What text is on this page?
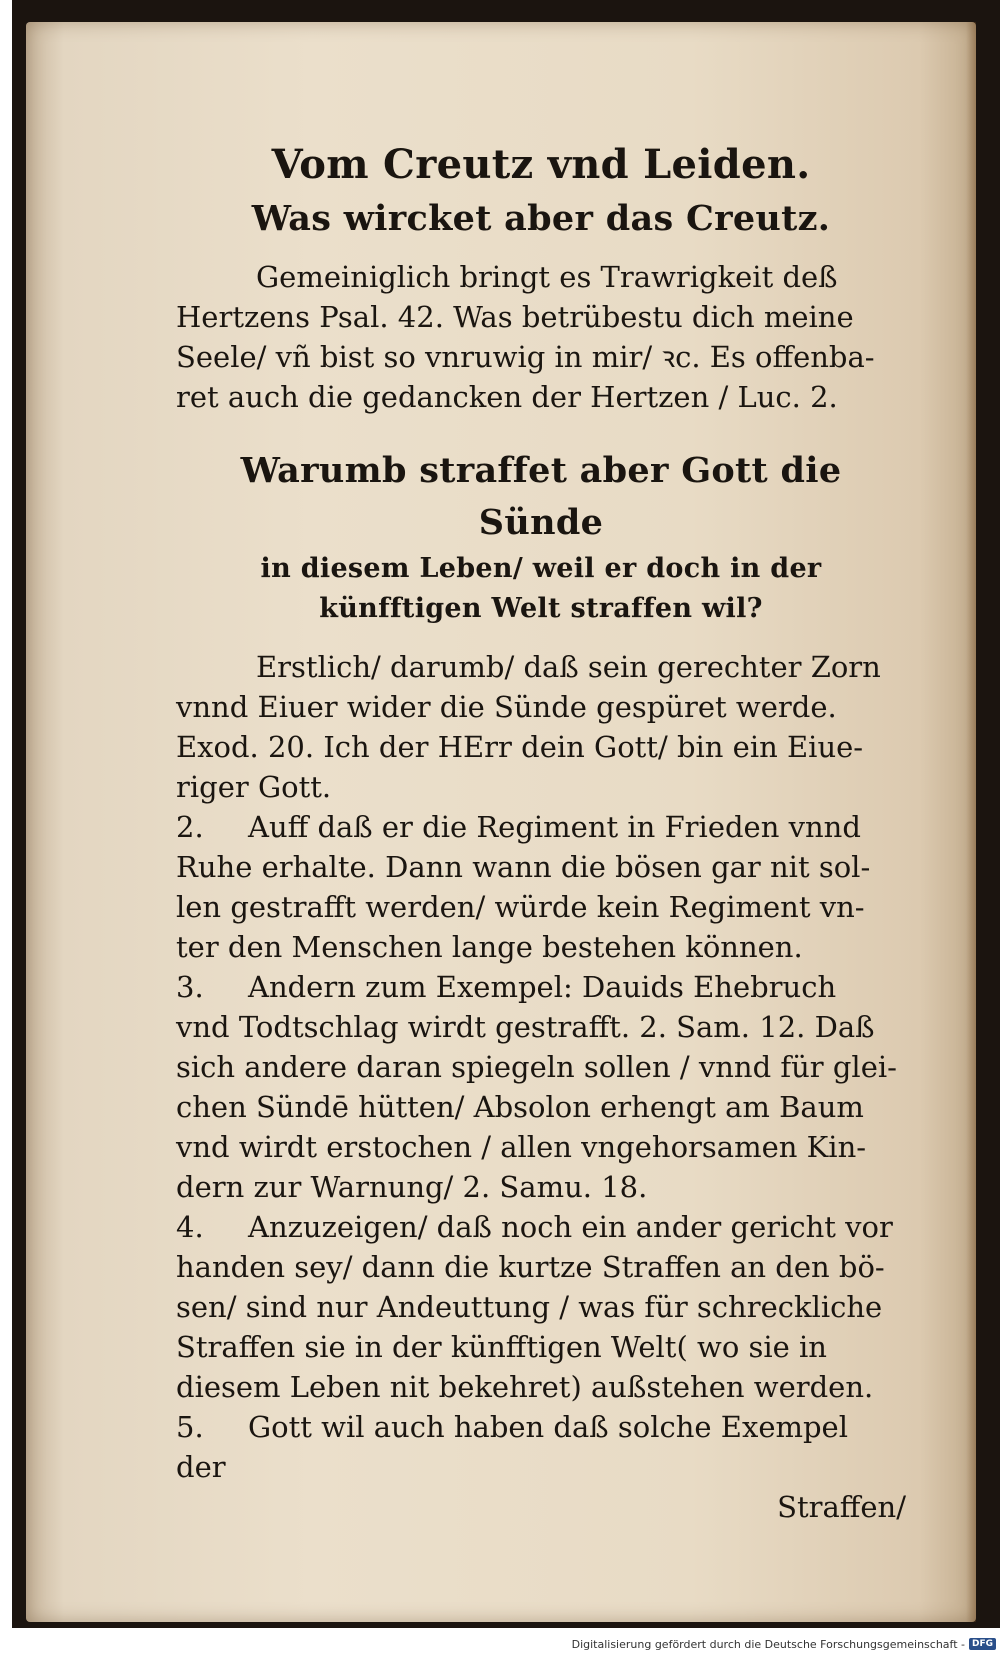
Vom Creutz vnd Leiden.

Was wircket aber das Creutz.

Gemeiniglich bringt es Trawrigkeit deß

Hertzens Psal. 42. Was betrübestu dich meine

Seele/ vñ bist so vnruwig in mir/ ꝛc. Es offenba-

ret auch die gedancken der Hertzen / Luc. 2.

Warumb straffet aber Gott die Sünde

in diesem Leben/ weil er doch in der

künfftigen Welt straffen wil?

Erstlich/ darumb/ daß sein gerechter Zorn

vnnd Eiuer wider die Sünde gespüret werde.

Exod. 20. Ich der HErr dein Gott/ bin ein Eiue-

riger Gott.

2. Auff daß er die Regiment in Frieden vnnd

Ruhe erhalte. Dann wann die bösen gar nit sol-

len gestrafft werden/ würde kein Regiment vn-

ter den Menschen lange bestehen können.

3. Andern zum Exempel: Dauids Ehebruch

vnd Todtschlag wirdt gestrafft. 2. Sam. 12. Daß

sich andere daran spiegeln sollen / vnnd für glei-

chen Sündē hütten/ Absolon erhengt am Baum

vnd wirdt erstochen / allen vngehorsamen Kin-

dern zur Warnung/ 2. Samu. 18.

4. Anzuzeigen/ daß noch ein ander gericht vor

handen sey/ dann die kurtze Straffen an den bö-

sen/ sind nur Andeuttung / was für schreckliche

Straffen sie in der künfftigen Welt( wo sie in

diesem Leben nit bekehret) außstehen werden.

5. Gott wil auch haben daß solche Exempel der

Straffen/

Digitalisierung gefördert durch die Deutsche Forschungsgemeinschaft - DFG
